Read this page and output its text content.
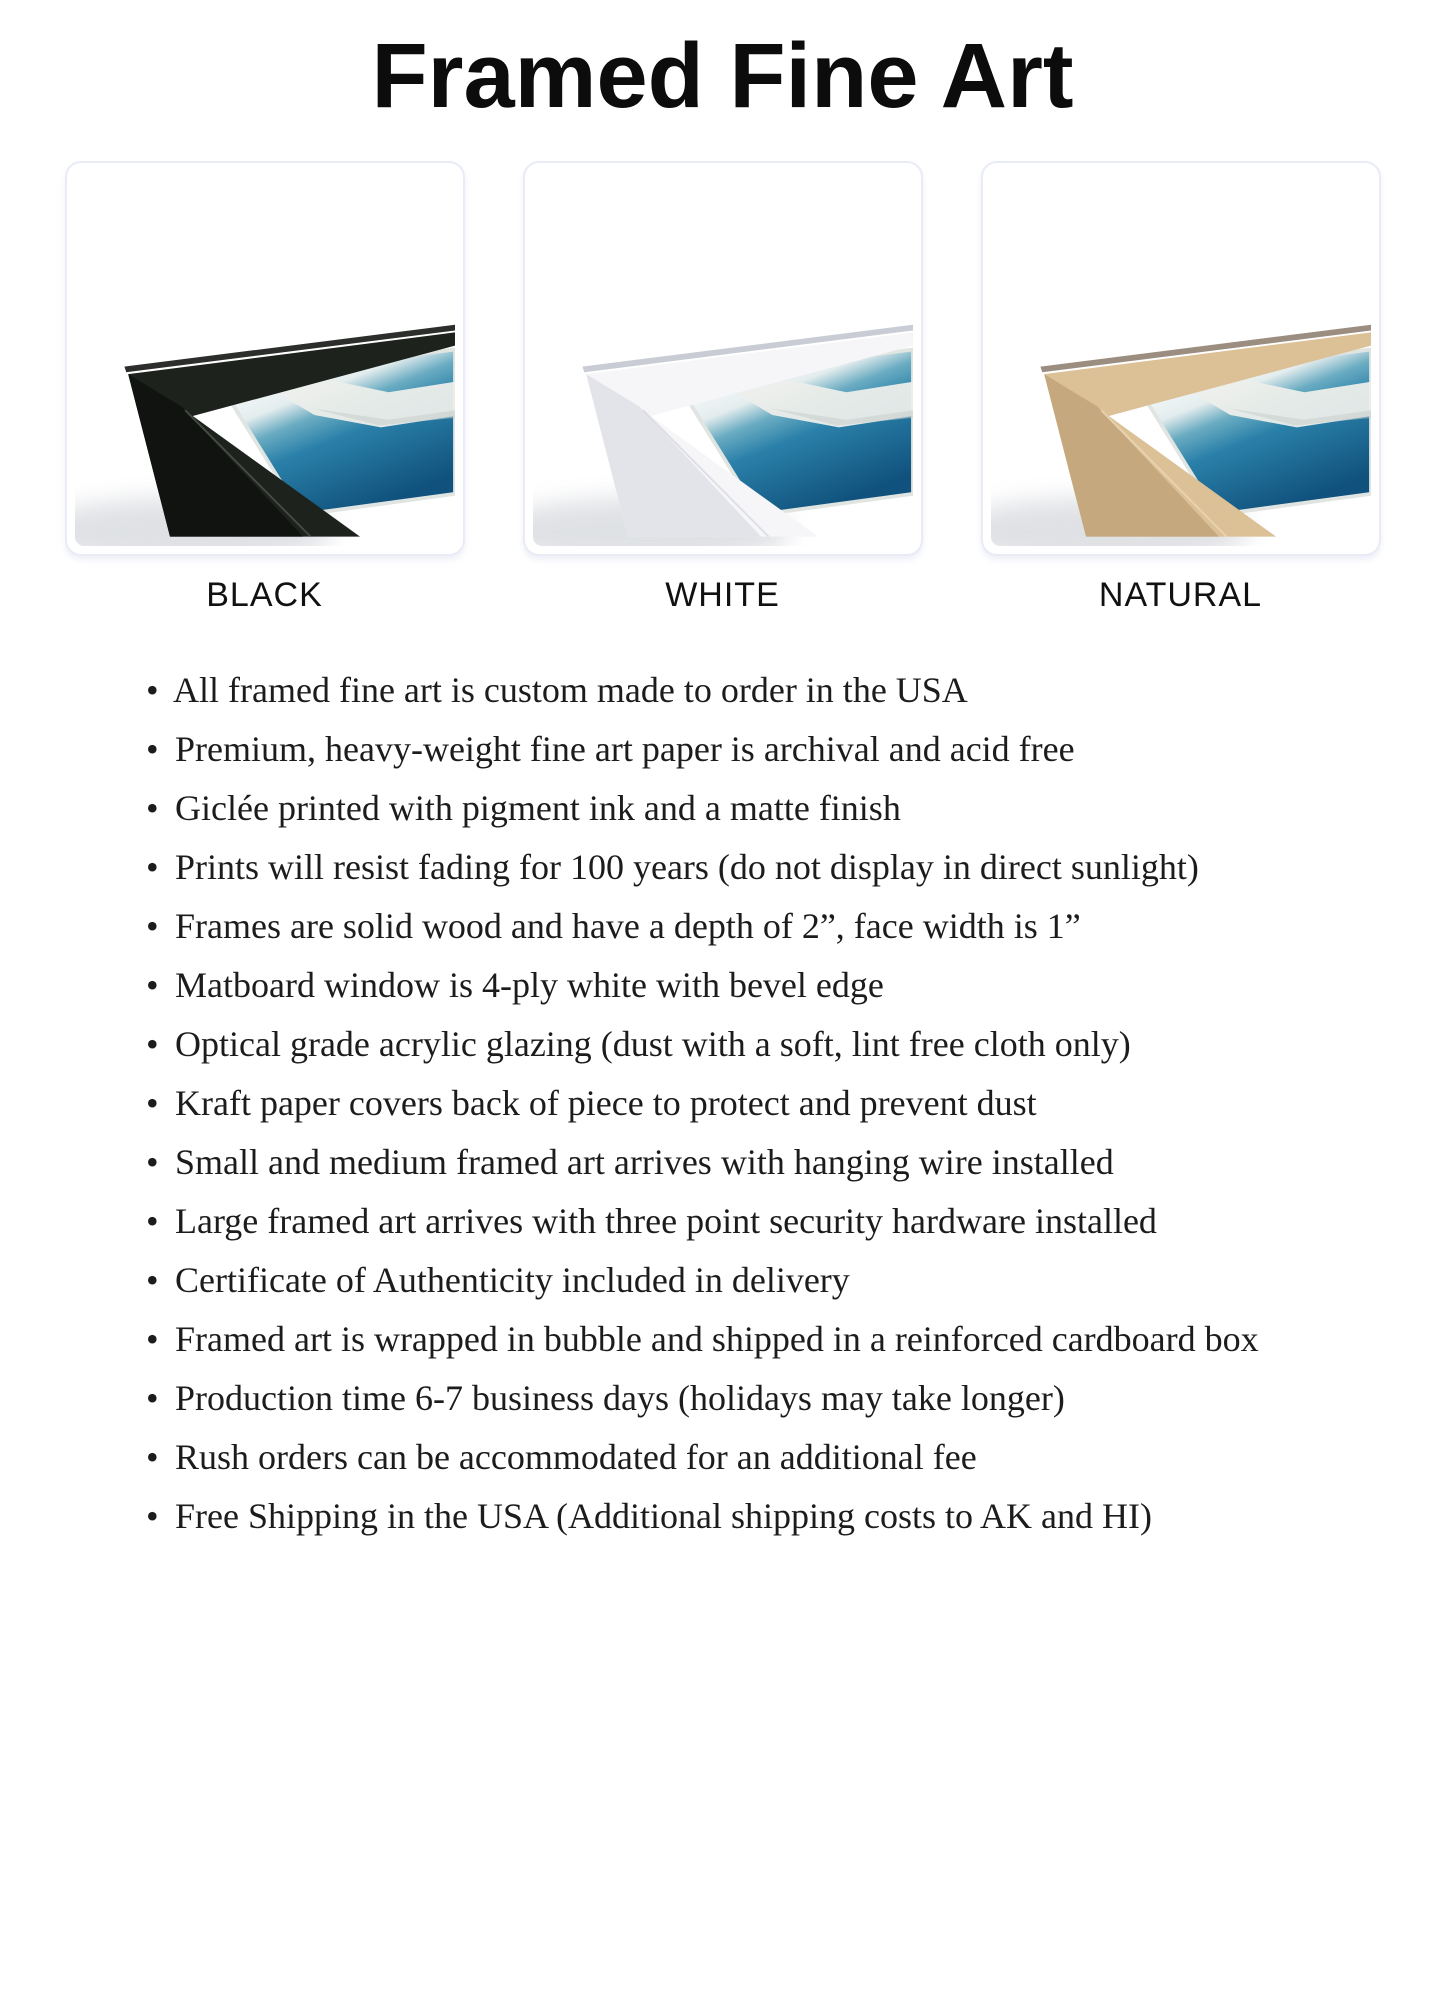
Framed Fine Art
BLACK	WHITE	NATURAL
• All framed fine art is custom made to order in the USA
• Premium, heavy-weight fine art paper is archival and acid free
• Giclée printed with pigment ink and a matte finish
• Prints will resist fading for 100 years (do not display in direct sunlight)
• Frames are solid wood and have a depth of 2”, face width is 1”
• Matboard window is 4-ply white with bevel edge
• Optical grade acrylic glazing (dust with a soft, lint free cloth only)
• Kraft paper covers back of piece to protect and prevent dust
• Small and medium framed art arrives with hanging wire installed
• Large framed art arrives with three point security hardware installed
• Certificate of Authenticity included in delivery
• Framed art is wrapped in bubble and shipped in a reinforced cardboard box
• Production time 6-7 business days (holidays may take longer)
• Rush orders can be accommodated for an additional fee
• Free Shipping in the USA (Additional shipping costs to AK and HI)
